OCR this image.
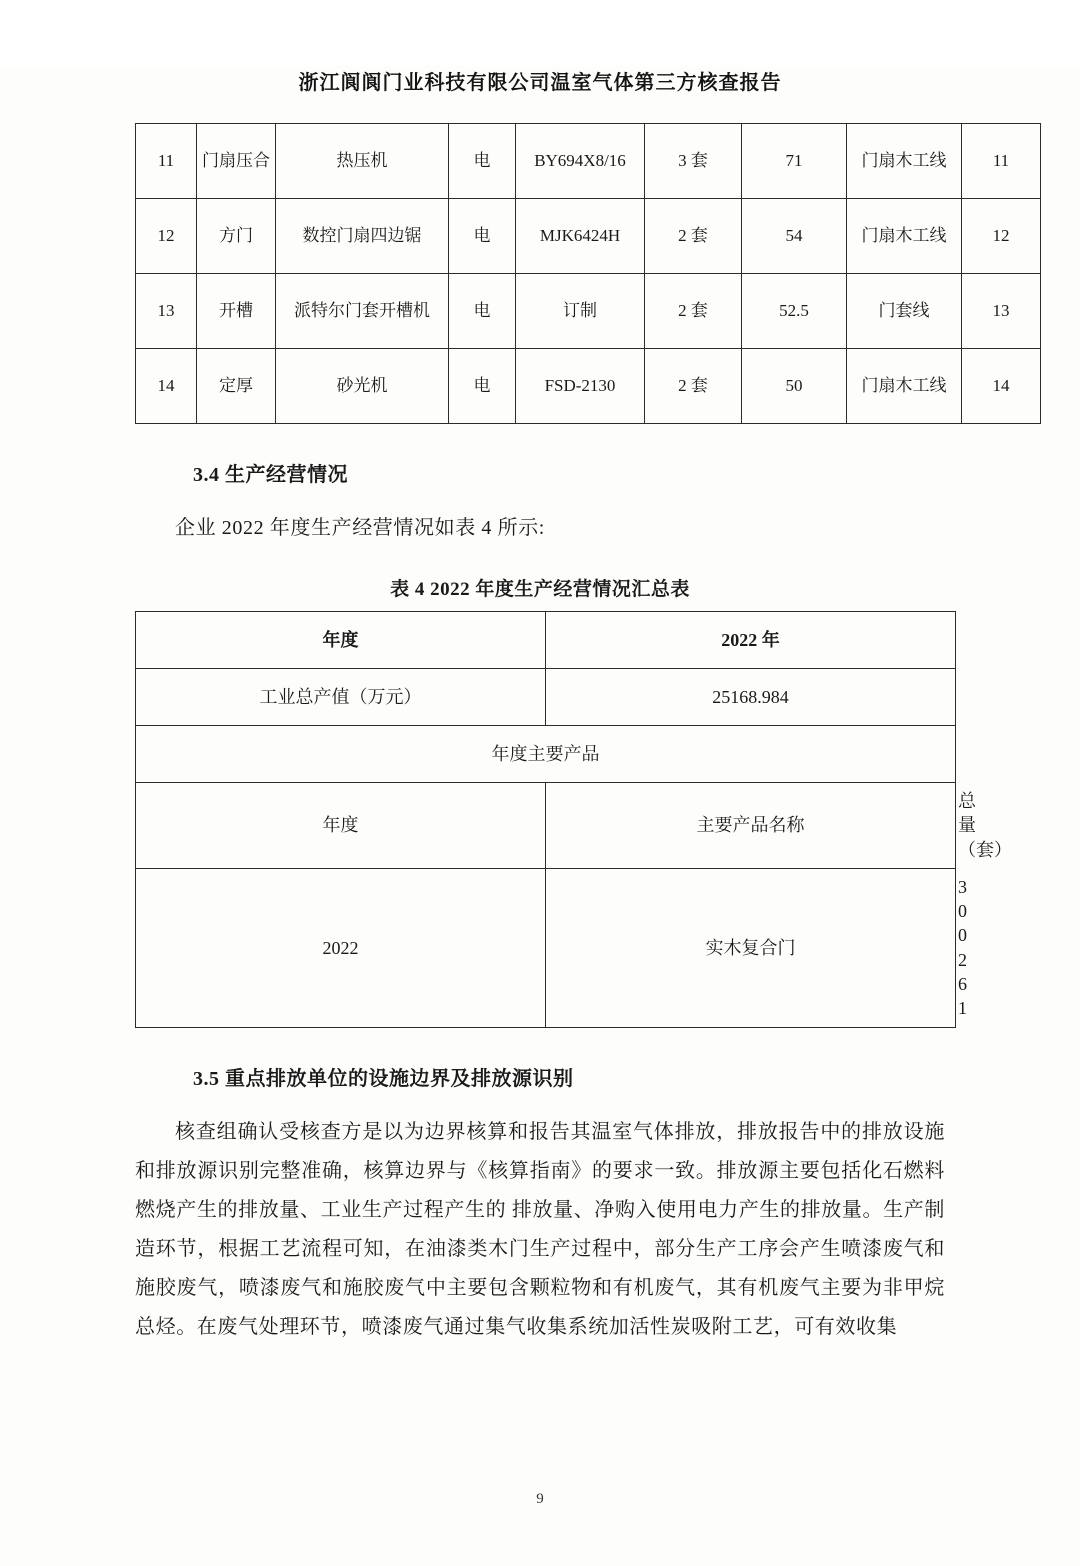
浙江阆阆门业科技有限公司温室气体第三方核查报告
11	门扇压合	热压机	电	BY694X8/16	3 套	71	门扇木工线	11
12	方门	数控门扇四边锯	电	MJK6424H	2 套	54	门扇木工线	12
13	开槽	派特尔门套开槽机	电	订制	2 套	52.5	门套线	13
14	定厚	砂光机	电	FSD-2130	2 套	50	门扇木工线	14
3.4 生产经营情况

企业 2022 年度生产经营情况如表 4 所示:

表 4 2022 年度生产经营情况汇总表
年度	2022 年	
工业总产值（万元）	25168.984	
年度主要产品		
年度	主要产品名称	总量（套）
2022	实木复合门	300261
3.5 重点排放单位的设施边界及排放源识别

核查组确认受核查方是以为边界核算和报告其温室气体排放，排放报告中的排放设施和排放源识别完整准确，核算边界与《核算指南》的要求一致。排放源主要包括化石燃料燃烧产生的排放量、工业生产过程产生的 排放量、净购入使用电力产生的排放量。生产制造环节，根据工艺流程可知，在油漆类木门生产过程中，部分生产工序会产生喷漆废气和施胶废气，喷漆废气和施胶废气中主要包含颗粒物和有机废气，其有机废气主要为非甲烷总烃。在废气处理环节，喷漆废气通过集气收集系统加活性炭吸附工艺，可有效收集

9
